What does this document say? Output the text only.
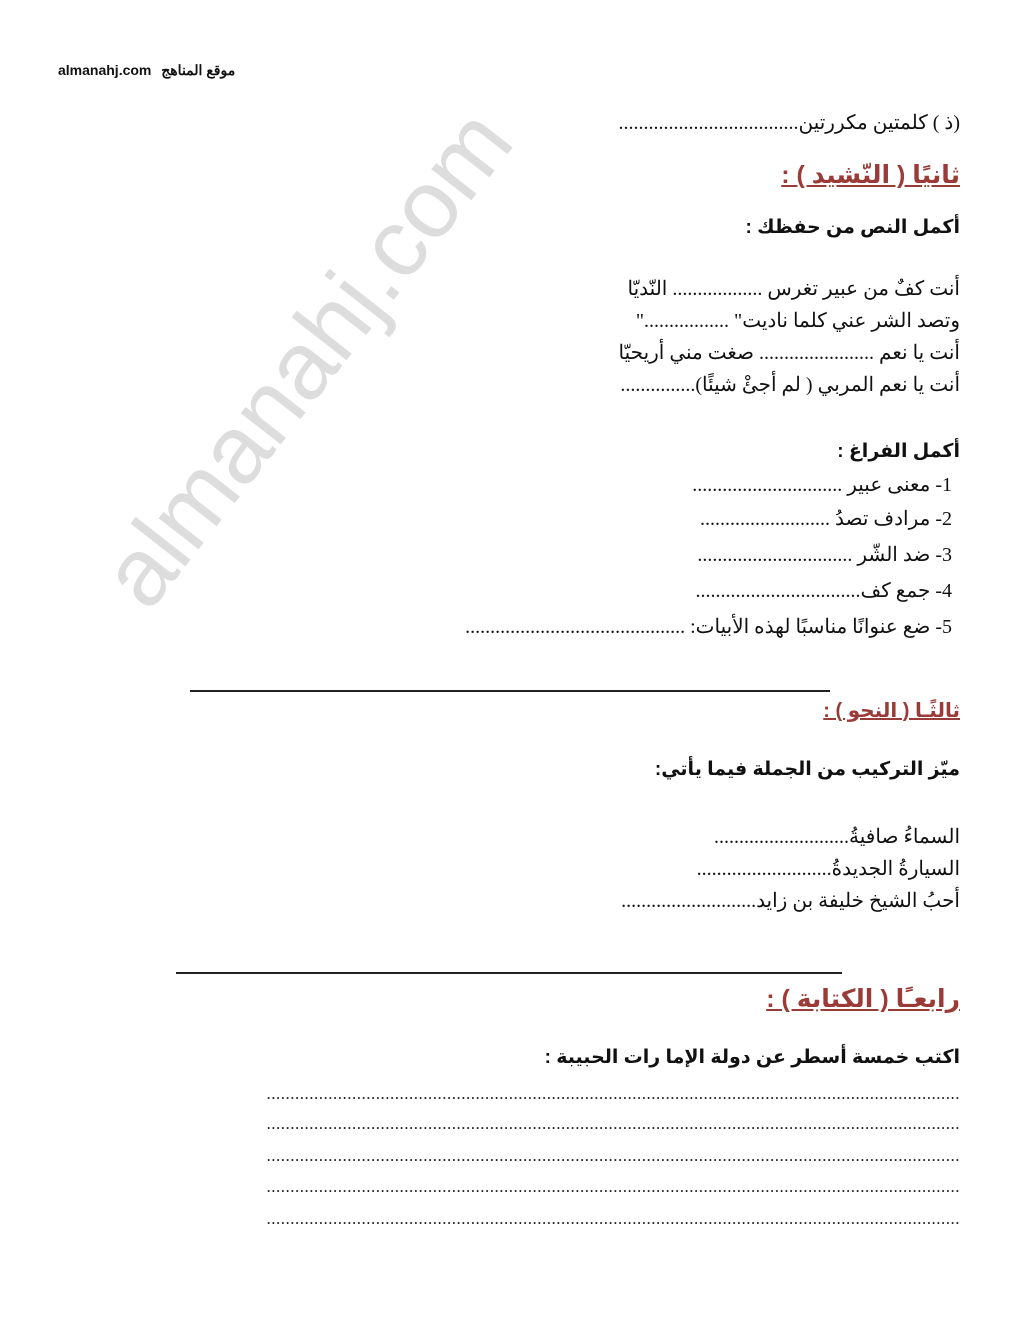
almanahj.com
almanahj.com موقع المناهج
(ذ ) كلمتين مكررتين....................................
ثانيًا ( النّشيد ) :
أكمل النص من حفظك :
أنت كفٌ من عبير تغرس .................. النّديّا
وتصد الشر عني كلما ناديت" ................."
أنت يا نعم ....................... صغت مني أريحيّا
أنت يا نعم المربي ( لم أجئْ شيئًا)...............
أكمل الفراغ :
1- معنى عبير ..............................
2- مرادف تصدُ ..........................
3- ضد الشّر ...............................
4- جمع كف.................................
5- ضع عنوانًا مناسبًا لهذه الأبيات: ............................................
ثالثًـا ( النحو ) :
ميّز التركيب من الجملة فيما يأتي:
السماءُ صافيةُ...........................
السيارةُ الجديدةُ...........................
أحبُ الشيخ خليفة بن زايد...........................
رابعـًا ( الكتابة ) :
اكتب خمسة أسطر عن دولة الإما رات الحبيبة :
..................................................................................................................................................
..................................................................................................................................................
..................................................................................................................................................
..................................................................................................................................................
..................................................................................................................................................
